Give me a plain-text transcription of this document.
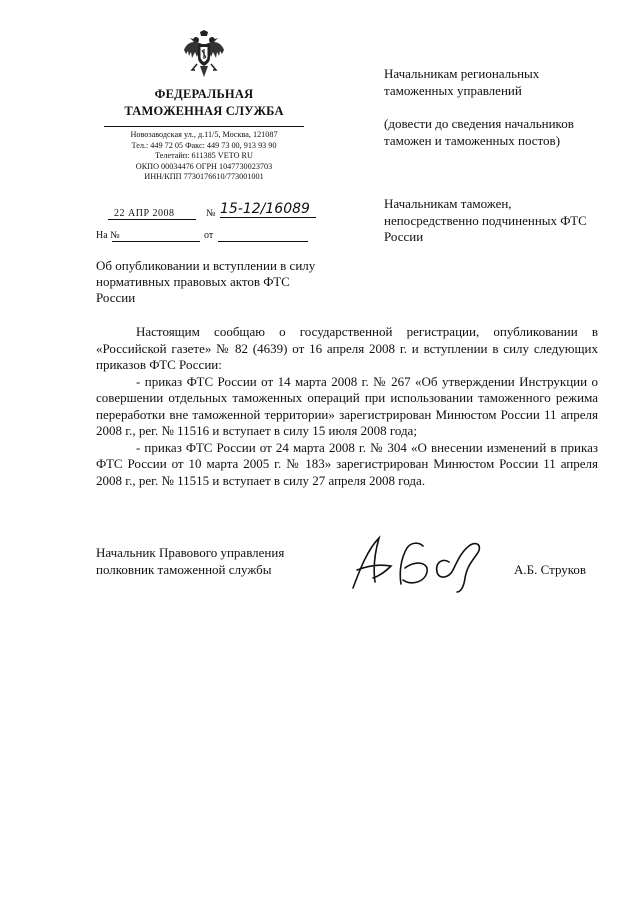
ФЕДЕРАЛЬНАЯ
ТАМОЖЕННАЯ СЛУЖБА
Новозаводская ул., д.11/5, Москва, 121087
Тел.: 449 72 05 Факс: 449 73 00, 913 93 90
Телетайп: 611385 VETO RU
ОКПО 00034476 ОГРН 1047730023703
ИНН/КПП 7730176610/773001001
22 АПР 2008	№ 15-12/16089
На №	от
Об опубликовании и вступлении в силу нормативных правовых актов ФТС России
Начальникам региональных таможенных управлений
(довести до сведения начальников таможен и таможенных постов)
Начальникам таможен, непосредственно подчиненных ФТС России

Настоящим сообщаю о государственной регистрации, опубликовании в «Российской газете» № 82 (4639) от 16 апреля 2008 г. и вступлении в силу следующих приказов ФТС России:

- приказ ФТС России от 14 марта 2008 г. № 267 «Об утверждении Инструкции о совершении отдельных таможенных операций при использовании таможенного режима переработки вне таможенной территории» зарегистрирован Минюстом России 11 апреля 2008 г., рег. № 11516 и вступает в силу 15 июля 2008 года;

- приказ ФТС России от 24 марта 2008 г. № 304 «О внесении изменений в приказ ФТС России от 10 марта 2005 г. № 183» зарегистрирован Минюстом России 11 апреля 2008 г., рег. № 11515 и вступает в силу 27 апреля 2008 года.

Начальник Правового управления
полковник таможенной службы	А.Б. Струков
